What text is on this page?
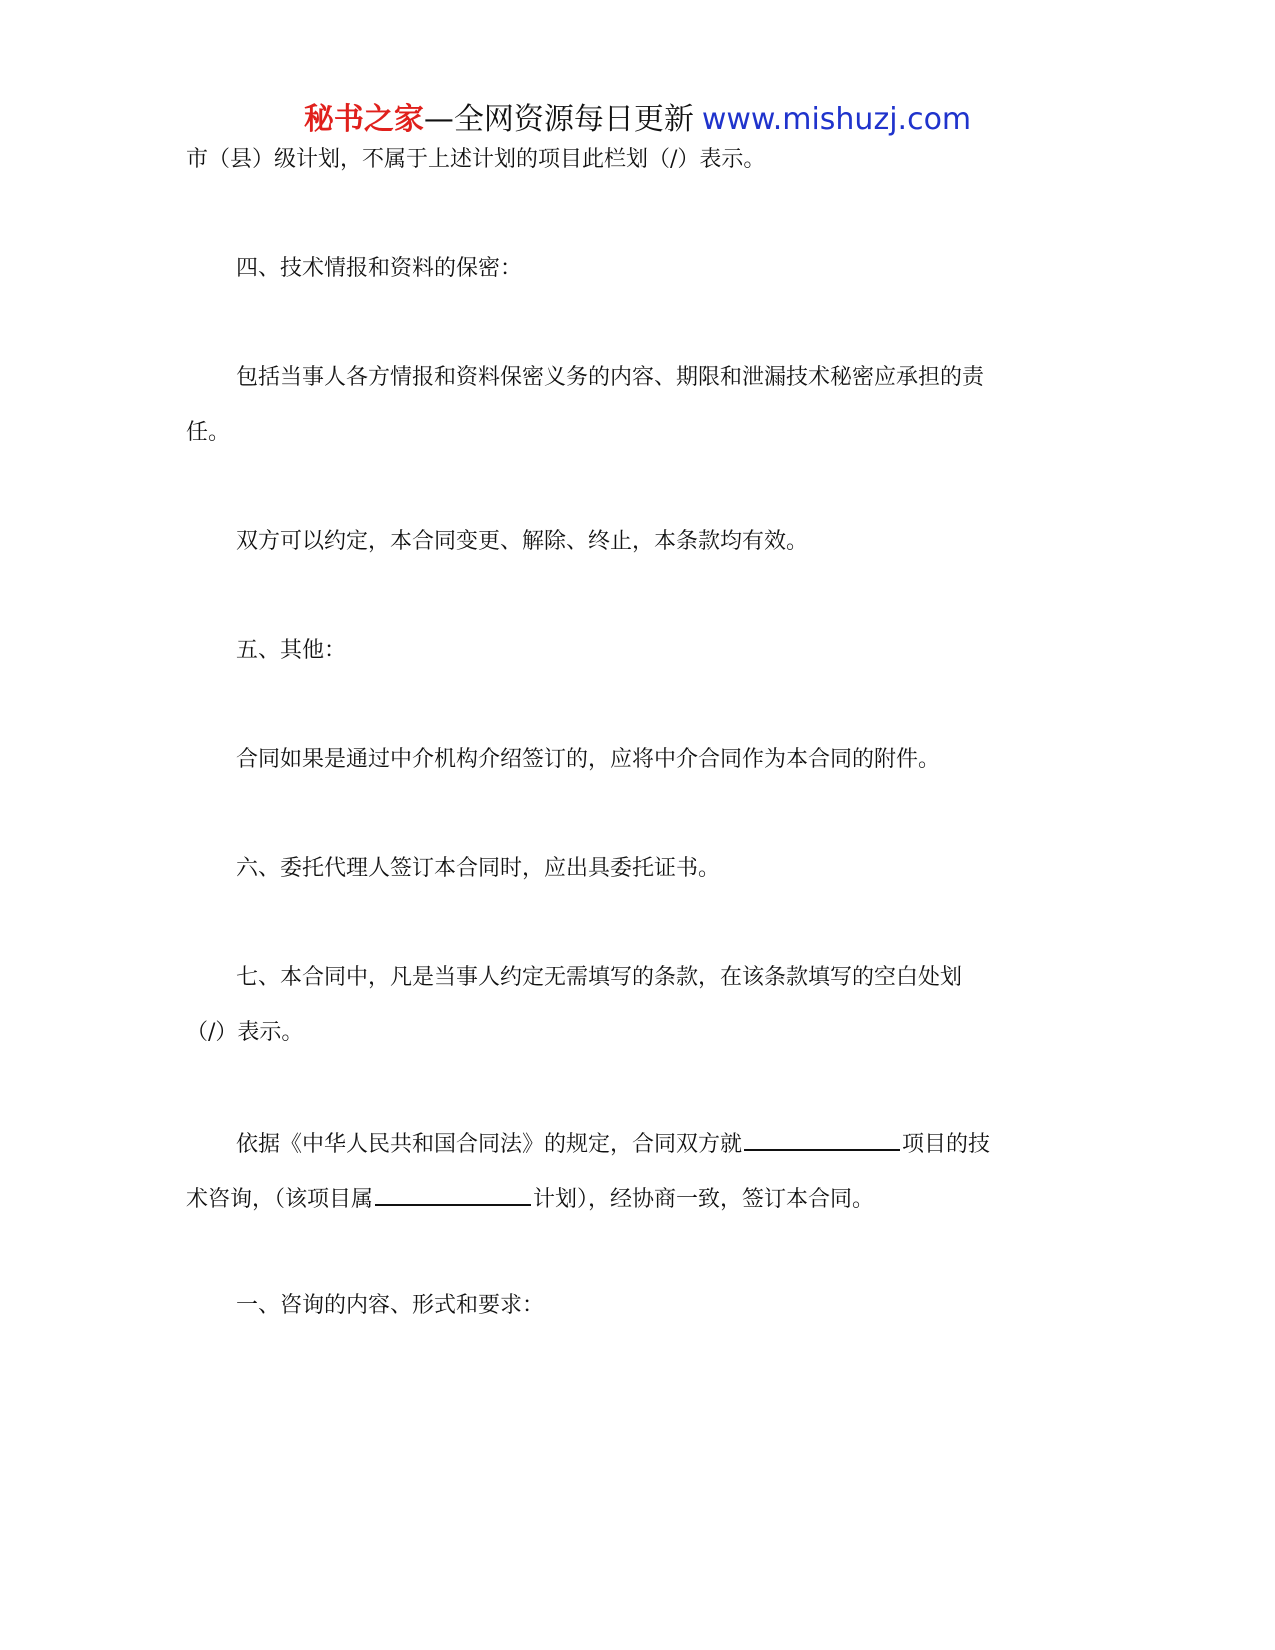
秘书之家—全网资源每日更新 www.mishuzj.com
市（县）级计划，不属于上述计划的项目此栏划（/）表示。
四、技术情报和资料的保密：
包括当事人各方情报和资料保密义务的内容、期限和泄漏技术秘密应承担的责
任。
双方可以约定，本合同变更、解除、终止，本条款均有效。
五、其他：
合同如果是通过中介机构介绍签订的，应将中介合同作为本合同的附件。
六、委托代理人签订本合同时，应出具委托证书。
七、本合同中，凡是当事人约定无需填写的条款，在该条款填写的空白处划
（/）表示。
依据《中华人民共和国合同法》的规定，合同双方就	项目的技
术咨询，（该项目属	计划），经协商一致，签订本合同。
一、咨询的内容、形式和要求：
